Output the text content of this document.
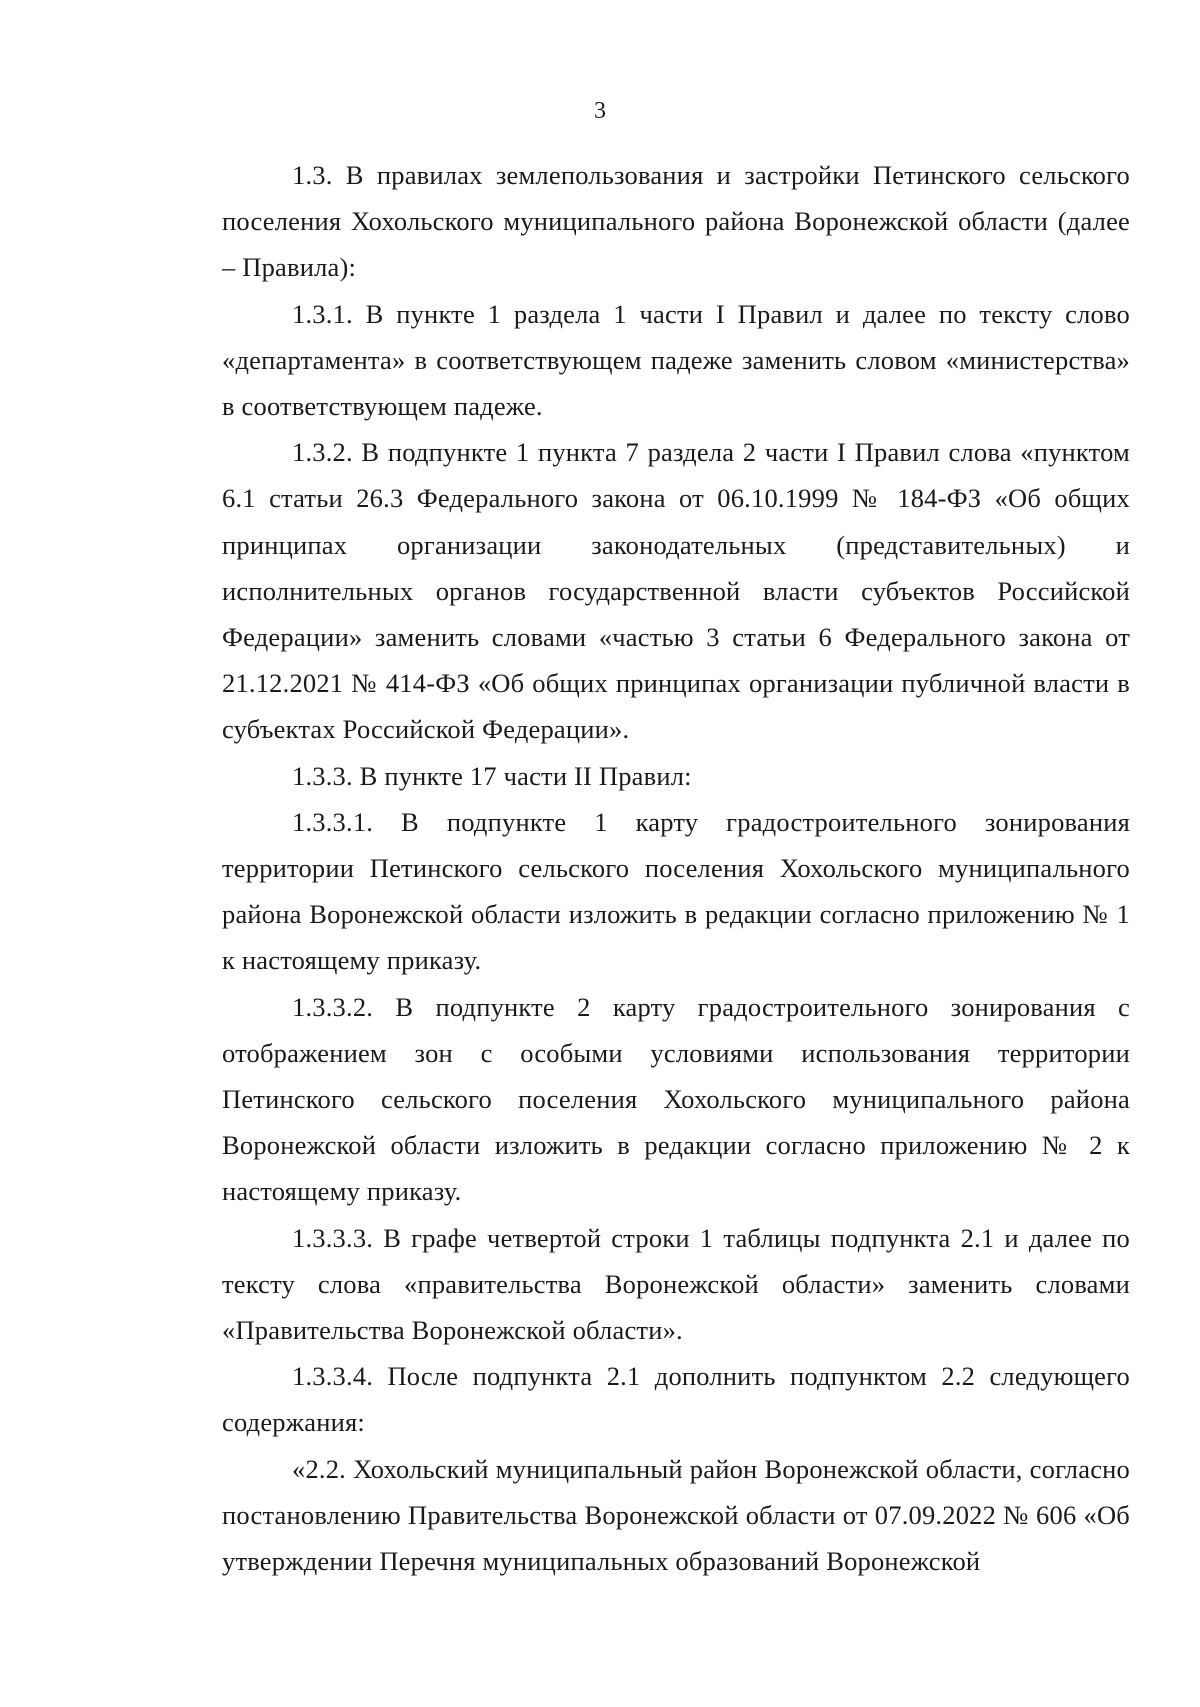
3

1.3. В правилах землепользования и застройки Петинского сельского поселения Хохольского муниципального района Воронежской области (далее – Правила):

1.3.1. В пункте 1 раздела 1 части I Правил и далее по тексту слово «департамента» в соответствующем падеже заменить словом «министерства» в соответствующем падеже.

1.3.2. В подпункте 1 пункта 7 раздела 2 части I Правил слова «пунктом 6.1 статьи 26.3 Федерального закона от 06.10.1999 № 184-ФЗ «Об общих принципах организации законодательных (представительных) и исполнительных органов государственной власти субъектов Российской Федерации» заменить словами «частью 3 статьи 6 Федерального закона от 21.12.2021 № 414-ФЗ «Об общих принципах организации публичной власти в субъектах Российской Федерации».

1.3.3. В пункте 17 части II Правил:

1.3.3.1. В подпункте 1 карту градостроительного зонирования территории Петинского сельского поселения Хохольского муниципального района Воронежской области изложить в редакции согласно приложению № 1 к настоящему приказу.

1.3.3.2. В подпункте 2 карту градостроительного зонирования с отображением зон с особыми условиями использования территории Петинского сельского поселения Хохольского муниципального района Воронежской области изложить в редакции согласно приложению № 2 к настоящему приказу.

1.3.3.3. В графе четвертой строки 1 таблицы подпункта 2.1 и далее по тексту слова «правительства Воронежской области» заменить словами «Правительства Воронежской области».

1.3.3.4. После подпункта 2.1 дополнить подпунктом 2.2 следующего содержания:

«2.2. Хохольский муниципальный район Воронежской области, согласно постановлению Правительства Воронежской области от 07.09.2022 № 606 «Об утверждении Перечня муниципальных образований Воронежской
